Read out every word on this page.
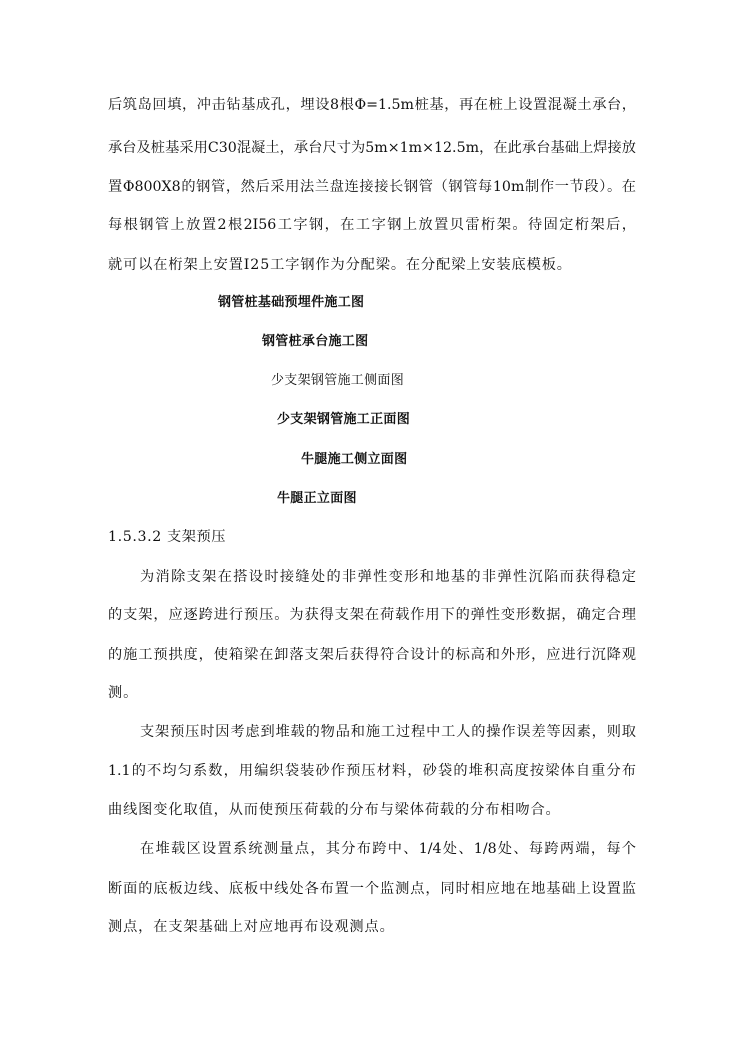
后筑岛回填，冲击钻基成孔，埋设8根Φ=1.5m桩基，再在桩上设置混凝土承台，
承台及桩基采用C30混凝土，承台尺寸为5m×1m×12.5m，在此承台基础上焊接放
置Φ800X8的钢管，然后采用法兰盘连接接长钢管（钢管每10m制作一节段）。在
每根钢管上放置2根2I56工字钢，在工字钢上放置贝雷桁架。待固定桁架后，
就可以在桁架上安置I25工字钢作为分配梁。在分配梁上安装底模板。
钢管桩基础预埋件施工图
钢管桩承台施工图
少支架钢管施工侧面图
少支架钢管施工正面图
牛腿施工侧立面图
牛腿正立面图
1.5.3.2 支架预压
为消除支架在搭设时接缝处的非弹性变形和地基的非弹性沉陷而获得稳定
的支架，应逐跨进行预压。为获得支架在荷载作用下的弹性变形数据，确定合理
的施工预拱度，使箱梁在卸落支架后获得符合设计的标高和外形，应进行沉降观
测。
支架预压时因考虑到堆载的物品和施工过程中工人的操作误差等因素，则取
1.1的不均匀系数，用编织袋装砂作预压材料，砂袋的堆积高度按梁体自重分布
曲线图变化取值，从而使预压荷载的分布与梁体荷载的分布相吻合。
在堆载区设置系统测量点，其分布跨中、1/4处、1/8处、每跨两端，每个
断面的底板边线、底板中线处各布置一个监测点，同时相应地在地基础上设置监
测点，在支架基础上对应地再布设观测点。
